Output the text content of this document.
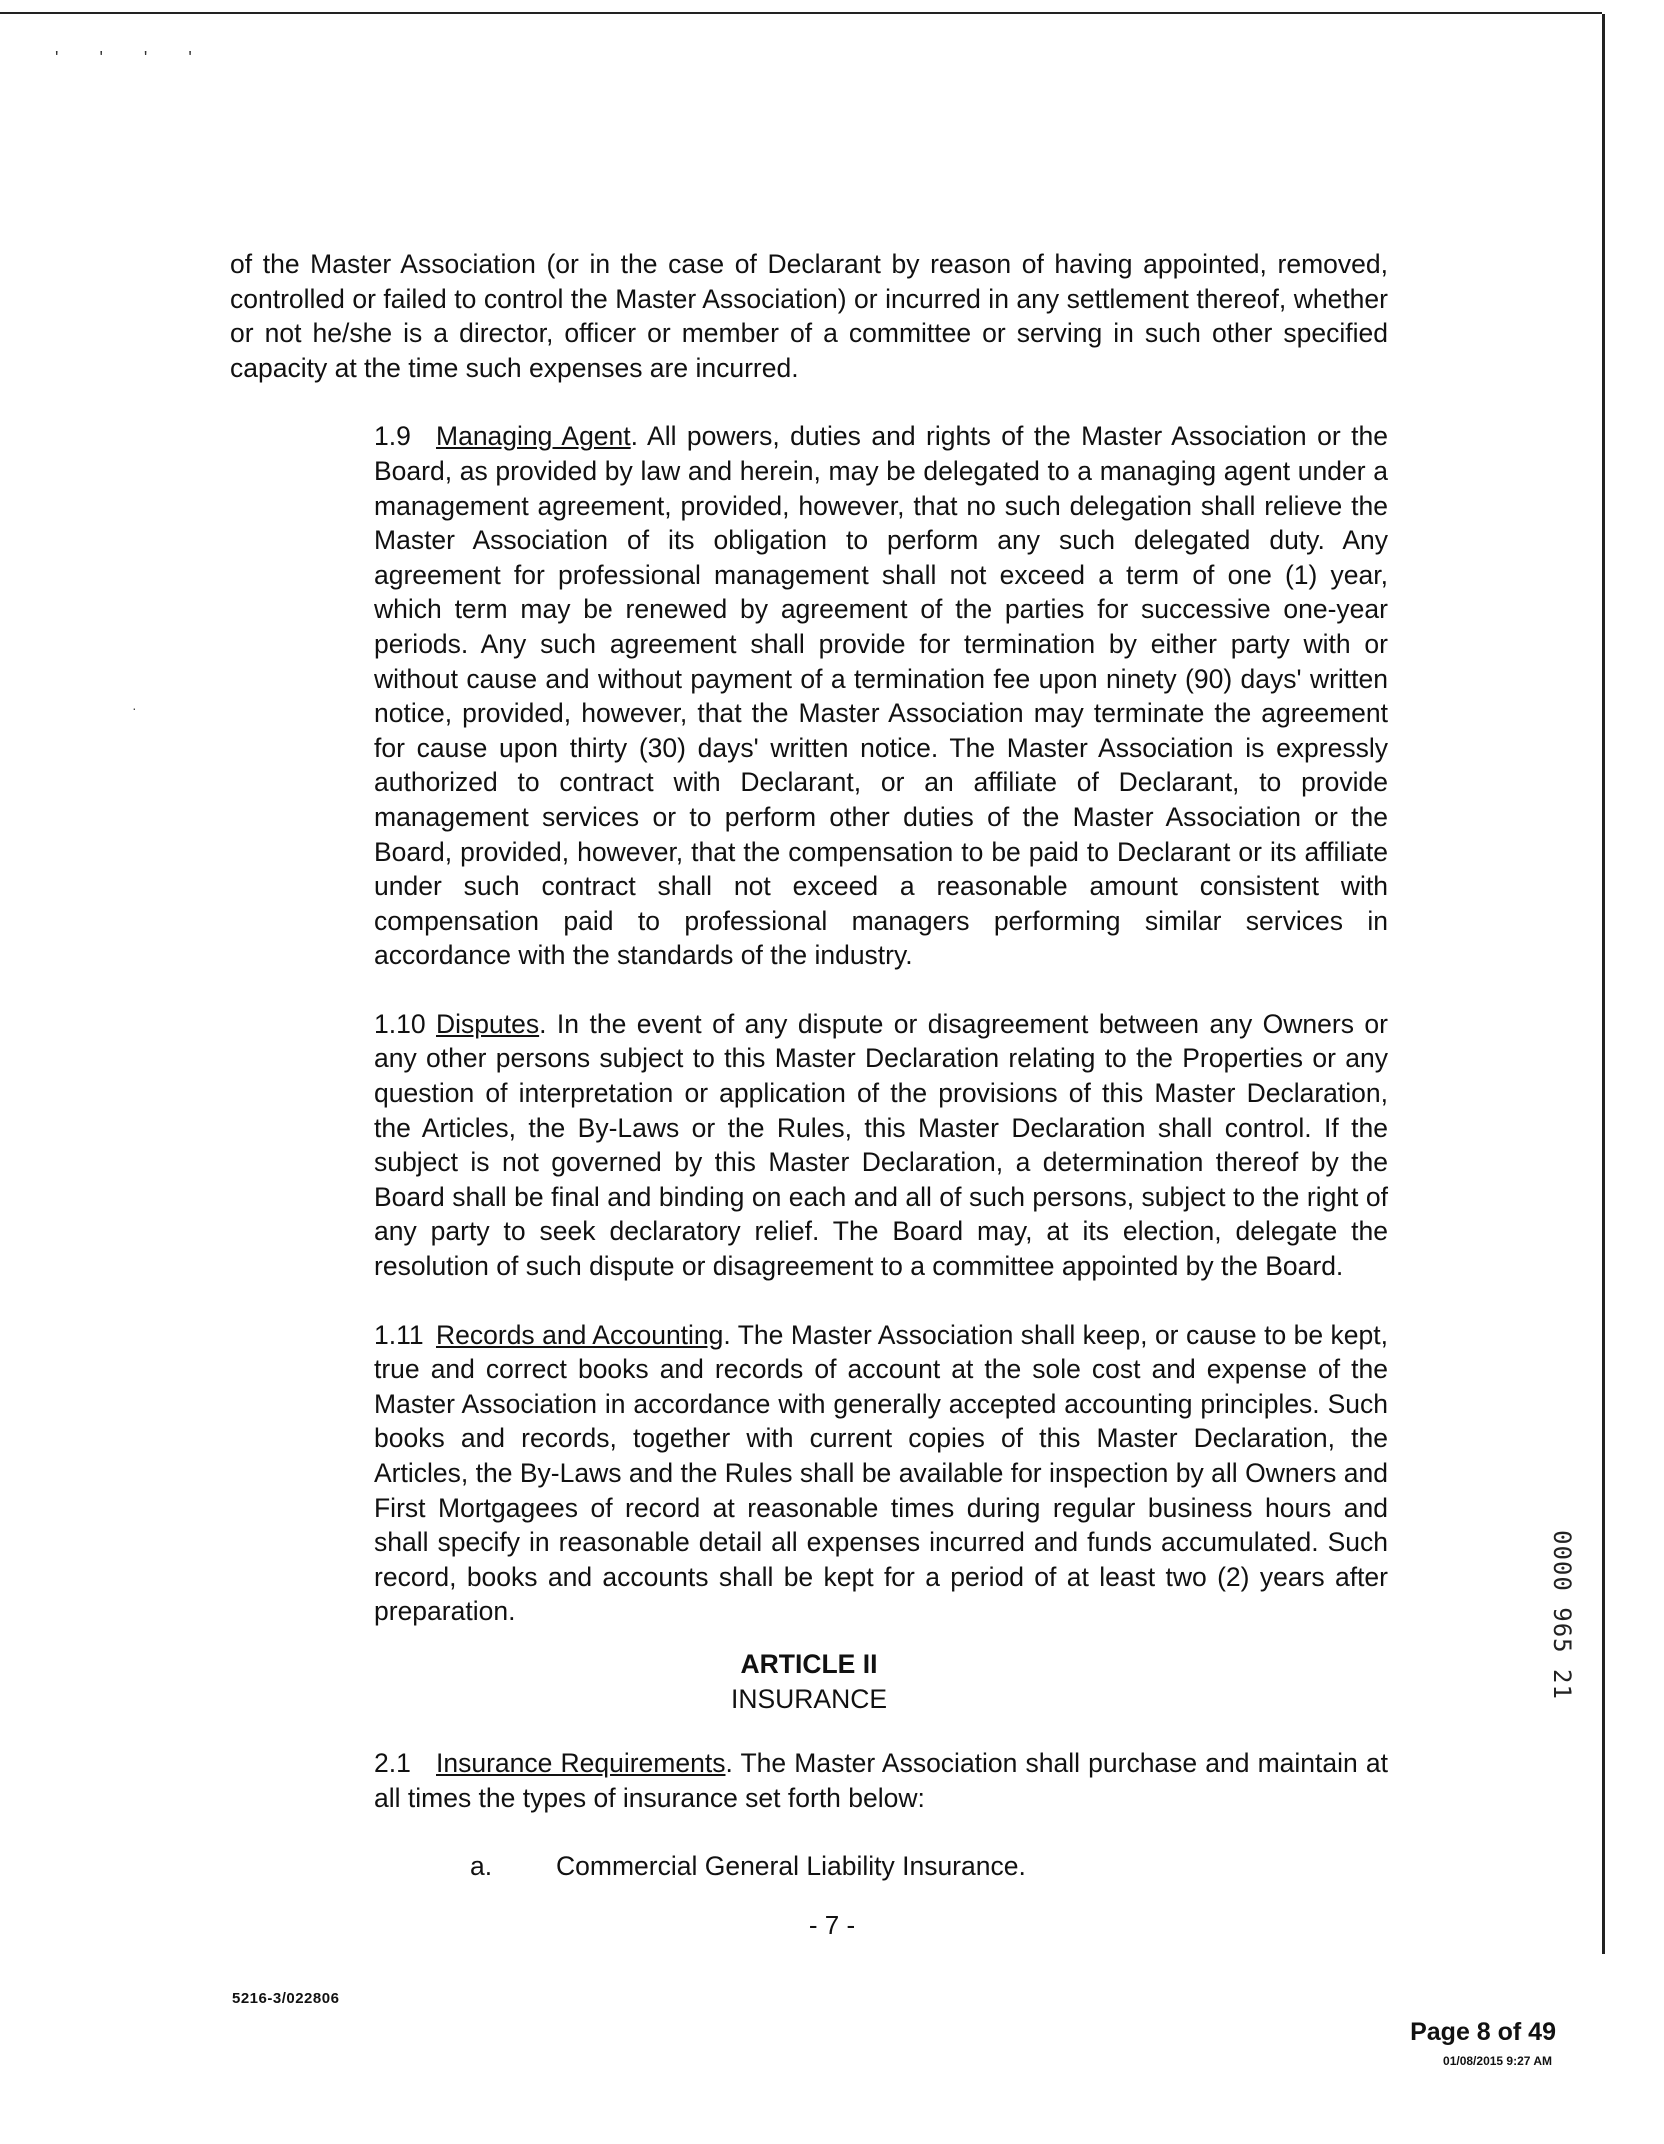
' ' ' '
·

of the Master Association (or in the case of Declarant by reason of having appointed, removed, controlled or failed to control the Master Association) or incurred in any settlement thereof, whether or not he/she is a director, officer or member of a committee or serving in such other specified capacity at the time such expenses are incurred.

1.9 Managing Agent. All powers, duties and rights of the Master Association or the Board, as provided by law and herein, may be delegated to a managing agent under a management agreement, provided, however, that no such delegation shall relieve the Master Association of its obligation to perform any such delegated duty. Any agreement for professional management shall not exceed a term of one (1) year, which term may be renewed by agreement of the parties for successive one-year periods. Any such agreement shall provide for termination by either party with or without cause and without payment of a termination fee upon ninety (90) days' written notice, provided, however, that the Master Association may terminate the agreement for cause upon thirty (30) days' written notice. The Master Association is expressly authorized to contract with Declarant, or an affiliate of Declarant, to provide management services or to perform other duties of the Master Association or the Board, provided, however, that the compensation to be paid to Declarant or its affiliate under such contract shall not exceed a reasonable amount consistent with compensation paid to professional managers performing similar services in accordance with the standards of the industry.

1.10 Disputes. In the event of any dispute or disagreement between any Owners or any other persons subject to this Master Declaration relating to the Properties or any question of interpretation or application of the provisions of this Master Declaration, the Articles, the By-Laws or the Rules, this Master Declaration shall control. If the subject is not governed by this Master Declaration, a determination thereof by the Board shall be final and binding on each and all of such persons, subject to the right of any party to seek declaratory relief. The Board may, at its election, delegate the resolution of such dispute or disagreement to a committee appointed by the Board.

1.11 Records and Accounting. The Master Association shall keep, or cause to be kept, true and correct books and records of account at the sole cost and expense of the Master Association in accordance with generally accepted accounting principles. Such books and records, together with current copies of this Master Declaration, the Articles, the By-Laws and the Rules shall be available for inspection by all Owners and First Mortgagees of record at reasonable times during regular business hours and shall specify in reasonable detail all expenses incurred and funds accumulated. Such record, books and accounts shall be kept for a period of at least two (2) years after preparation.

ARTICLE II
INSURANCE

2.1 Insurance Requirements. The Master Association shall purchase and maintain at all times the types of insurance set forth below:

a. Commercial General Liability Insurance.
- 7 -
5216-3/022806
Page 8 of 49
01/08/2015 9:27 AM
0000 965 21
